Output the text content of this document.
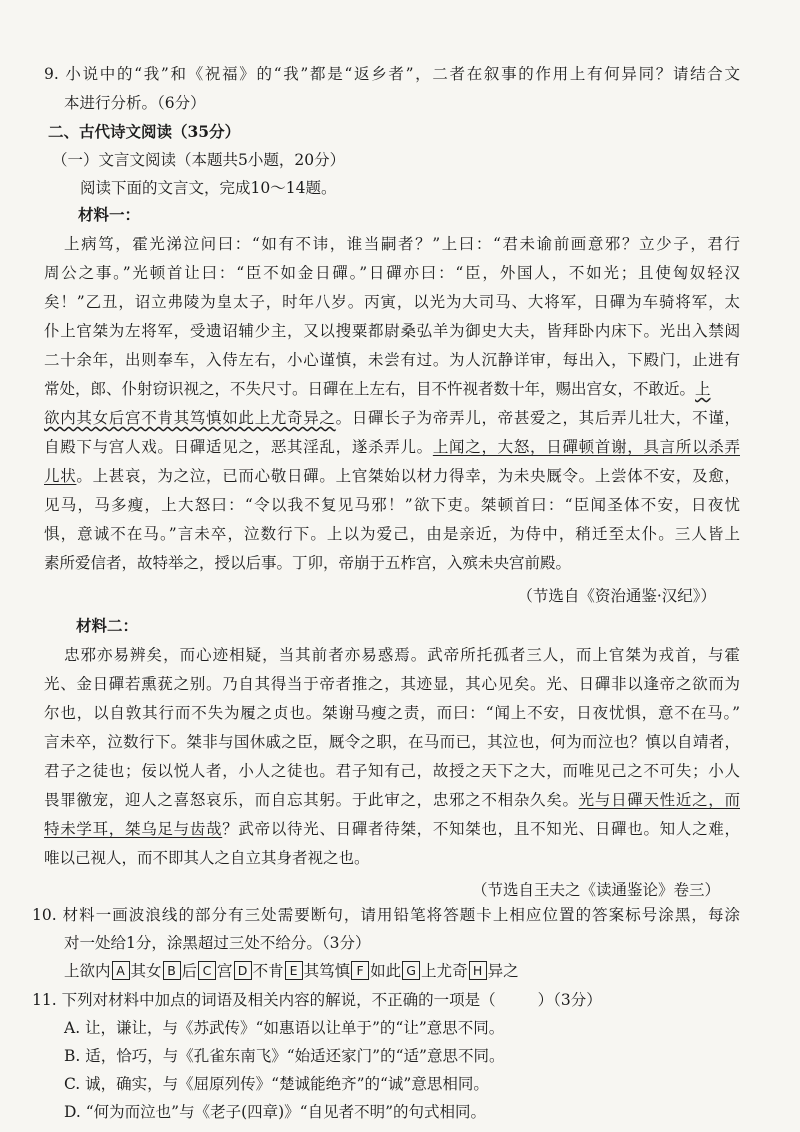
9. 小说中的“我”和《祝福》的“我”都是“返乡者”，二者在叙事的作用上有何异同？请结合文
本进行分析。（6分）
二、古代诗文阅读（35分）
（一）文言文阅读（本题共5小题，20分）
阅读下面的文言文，完成10～14题。
材料一：
上病笃，霍光涕泣问曰：“如有不讳，谁当嗣者？”上曰：“君未谕前画意邪？立少子，君行
周公之事。”光顿首让曰：“臣不如金日磾。”日磾亦曰：“臣，外国人，不如光；且使匈奴轻汉
矣！”乙丑，诏立弗陵为皇太子，时年八岁。丙寅，以光为大司马、大将军，日磾为车骑将军，太
仆上官桀为左将军，受遗诏辅少主，又以搜粟都尉桑弘羊为御史大夫，皆拜卧内床下。光出入禁闼
二十余年，出则奉车，入侍左右，小心谨慎，未尝有过。为人沉静详审，每出入，下殿门，止进有
常处，郎、仆射窃识视之，不失尺寸。日磾在上左右，目不忤视者数十年，赐出宫女，不敢近。上
欲内其女后宫不肯其笃慎如此上尤奇异之。日磾长子为帝弄儿，帝甚爱之，其后弄儿壮大，不谨，
自殿下与宫人戏。日磾适见之，恶其淫乱，遂杀弄儿。上闻之，大怒，日磾顿首谢，具言所以杀弄
儿状。上甚哀，为之泣，已而心敬日磾。上官桀始以材力得幸，为未央厩令。上尝体不安，及愈，
见马，马多瘦，上大怒曰：“令以我不复见马邪！”欲下吏。桀顿首曰：“臣闻圣体不安，日夜忧
惧，意诚不在马。”言未卒，泣数行下。上以为爱己，由是亲近，为侍中，稍迁至太仆。三人皆上
素所爱信者，故特举之，授以后事。丁卯，帝崩于五柞宫，入殡未央宫前殿。
（节选自《资治通鉴·汉纪》）
材料二：
忠邪亦易辨矣，而心迹相疑，当其前者亦易惑焉。武帝所托孤者三人，而上官桀为戎首，与霍
光、金日磾若熏莸之别。乃自其得当于帝者推之，其迹显，其心见矣。光、日磾非以逢帝之欲而为
尔也，以自敦其行而不失为履之贞也。桀谢马瘦之责，而曰：“闻上不安，日夜忧惧，意不在马。”
言未卒，泣数行下。桀非与国休戚之臣，厩令之职，在马而已，其泣也，何为而泣也？慎以自靖者，
君子之徒也；佞以悦人者，小人之徒也。君子知有己，故授之天下之大，而唯见己之不可失；小人
畏罪徼宠，迎人之喜怒哀乐，而自忘其躬。于此审之，忠邪之不相杂久矣。光与日磾天性近之，而
特未学耳，桀乌足与齿哉？武帝以待光、日磾者待桀，不知桀也，且不知光、日磾也。知人之难，
唯以己视人，而不即其人之自立其身者视之也。
（节选自王夫之《读通鉴论》卷三）
10. 材料一画波浪线的部分有三处需要断句，请用铅笔将答题卡上相应位置的答案标号涂黑，每涂
对一处给1分，涂黑超过三处不给分。（3分）
上欲内 A 其女 B 后 C 宫 D 不肯 E 其笃慎 F 如此 G 上尤奇 H 异之
11. 下列对材料中加点的词语及相关内容的解说，不正确的一项是（	）（3分）
A. 让，谦让，与《苏武传》“如惠语以让单于”的“让”意思不同。
B. 适，恰巧，与《孔雀东南飞》“始适还家门”的“适”意思不同。
C. 诚，确实，与《屈原列传》“楚诚能绝齐”的“诚”意思相同。
D. “何为而泣也”与《老子(四章)》“自见者不明”的句式相同。
